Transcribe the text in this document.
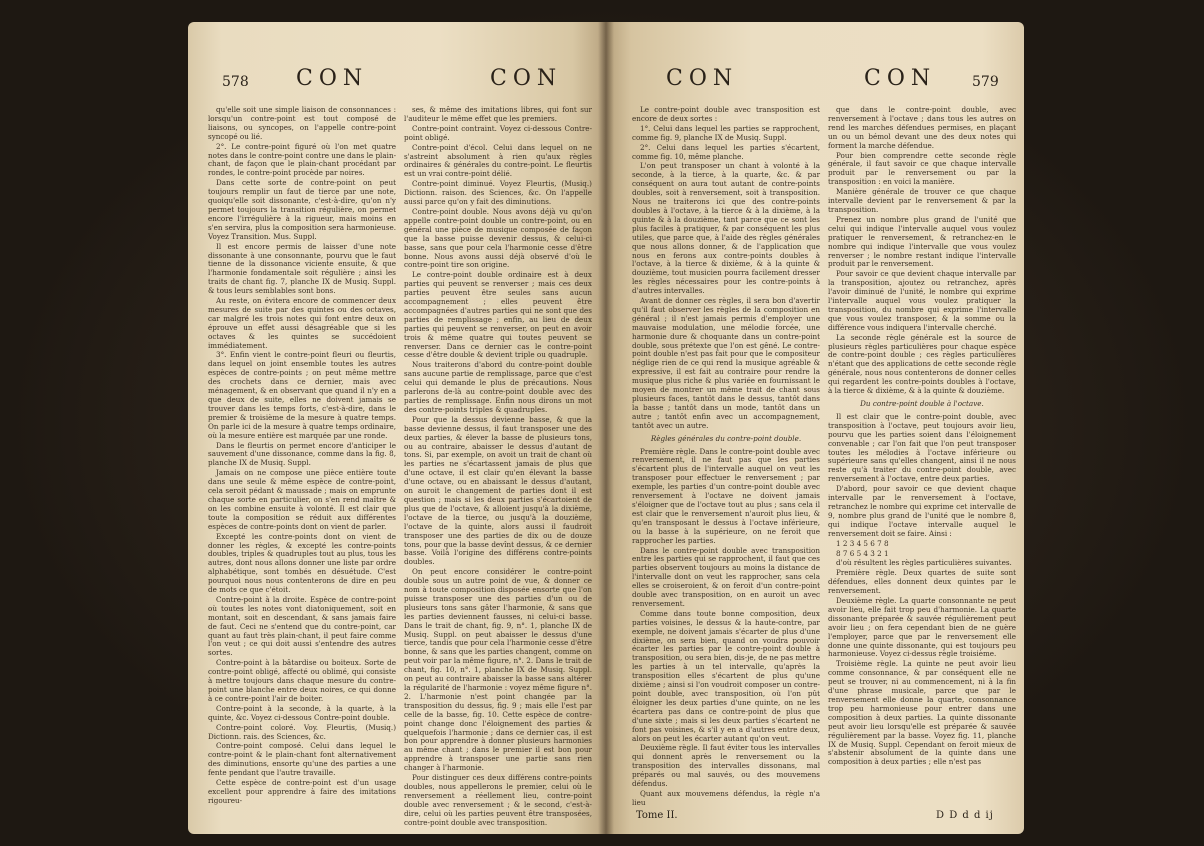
578 CON	CON

qu'elle soit une simple liaison de consonnances : lorsqu'un contre-point est tout composé de liaisons, ou syncopes, on l'appelle contre-point syncopé ou lié.

2°. Le contre-point figuré où l'on met quatre notes dans le contre-point contre une dans le plain-chant, de façon que le plain-chant procédant par rondes, le contre-point procède par noires.

Dans cette sorte de contre-point on peut toujours remplir un faut de tierce par une note, quoiqu'elle soit dissonante, c'est-à-dire, qu'on n'y permet toujours la transition régulière, on permet encore l'irrégulière à la rigueur, mais moins en s'en servira, plus la composition sera harmonieuse. Voyez Transition. Mus. Suppl.

Il est encore permis de laisser d'une note dissonante à une consonnante, pourvu que le faut tienne de la dissonance viciente ensuite, & que l'harmonie fondamentale soit régulière ; ainsi les traits de chant fig. 7, planche IX de Musiq. Suppl. & tous leurs semblables sont bons.

Au reste, on évitera encore de commencer deux mesures de suite par des quintes ou des octaves, car malgré les trois notes qui font entre deux on éprouve un effet aussi désagréable que si les octaves & les quintes se succédoient immédiatement.

3°. Enfin vient le contre-point fleuri ou fleurtis, dans lequel on joint ensemble toutes les autres espèces de contre-points ; on peut même mettre des crochets dans ce dernier, mais avec ménagement, & en observant que quand il n'y en a que deux de suite, elles ne doivent jamais se trouver dans les temps forts, c'est-à-dire, dans le premier & troisième de la mesure à quatre temps. On parle ici de la mesure à quatre temps ordinaire, où la mesure entière est marquée par une ronde.

Dans le fleurtis on permet encore d'anticiper le sauvement d'une dissonance, comme dans la fig. 8, planche IX de Musiq. Suppl.

Jamais on ne compose une pièce entière toute dans une seule & même espèce de contre-point, cela seroit pédant & maussade ; mais on emprunte chaque sorte en particulier, on s'en rend maître & on les combine ensuite à volonté. Il est clair que toute la composition se réduit aux différentes espèces de contre-points dont on vient de parler.

Excepté les contre-points dont on vient de donner les règles, & excepté les contre-points doubles, triples & quadruples tout au plus, tous les autres, dont nous allons donner une liste par ordre alphabétique, sont tombés en désuétude. C'est pourquoi nous nous contenterons de dire en peu de mots ce que c'étoit.

Contre-point à la droite. Espèce de contre-point où toutes les notes vont diatoniquement, soit en montant, soit en descendant, & sans jamais faire de faut. Ceci ne s'entend que du contre-point, car quant au faut très plain-chant, il peut faire comme l'on veut ; ce qui doit aussi s'entendre des autres sortes.

Contre-point à la bâtardise ou boiteux. Sorte de contre-point obligé, affecté ou oblimé, qui consiste à mettre toujours dans chaque mesure du contre-point une blanche entre deux noires, ce qui donne à ce contre-point l'air de boiter.

Contre-point à la seconde, à la quarte, à la quinte, &c. Voyez ci-dessous Contre-point double.

Contre-point coloré. Voy. Fleurtis, (Musiq.) Dictionn. rais. des Sciences, &c.

Contre-point composé. Celui dans lequel le contre-point & le plain-chant font alternativement des diminutions, ensorte qu'une des parties a une fente pendant que l'autre travaille.

Cette espèce de contre-point est d'un usage excellent pour apprendre à faire des imitations rigoureu-

ses, & même des imitations libres, qui font sur l'auditeur le même effet que les premiers.

Contre-point contraint. Voyez ci-dessous Contre-point obligé.

Contre-point d'écol. Celui dans lequel on ne s'astreint absolument à rien qu'aux règles ordinaires & générales du contre-point. Le fleurtis est un vrai contre-point délié.

Contre-point diminué. Voyez Fleurtis, (Musiq.) Dictionn. raison. des Sciences, &c. On l'appelle aussi parce qu'on y fait des diminutions.

Contre-point double. Nous avons déjà vu qu'on appelle contre-point double un contre-point, ou en général une pièce de musique composée de façon que la basse puisse devenir dessus, & celui-ci basse, sans que pour cela l'harmonie cesse d'être bonne. Nous avons aussi déjà observé d'où le contre-point tire son origine.

Le contre-point double ordinaire est à deux parties qui peuvent se renverser ; mais ces deux parties peuvent être seules sans aucun accompagnement ; elles peuvent être accompagnées d'autres parties qui ne sont que des parties de remplissage ; enfin, au lieu de deux parties qui peuvent se renverser, on peut en avoir trois & même quatre qui toutes peuvent se renverser. Dans ce dernier cas le contre-point cesse d'être double & devient triple ou quadruple.

Nous traiterons d'abord du contre-point double sans aucune partie de remplissage, parce que c'est celui qui demande le plus de précautions. Nous parlerons de-là au contre-point double avec des parties de remplissage. Enfin nous dirons un mot des contre-points triples & quadruples.

Pour que la dessus devienne basse, & que la basse devienne dessus, il faut transposer une des deux parties, & élever la basse de plusieurs tons, ou au contraire, abaisser le dessus d'autant de tons. Si, par exemple, on avoit un trait de chant où les parties ne s'écartassent jamais de plus que d'une octave, il est clair qu'en élevant la basse d'une octave, ou en abaissant le dessus d'autant, on auroit le changement de parties dont il est question ; mais si les deux parties s'écartoient de plus que de l'octave, & alloient jusqu'à la dixième, l'octave de la tierce, ou jusqu'à la douzième, l'octave de la quinte, alors aussi il faudroit transposer une des parties de dix ou de douze tons, pour que la basse devînt dessus, & ce dernier basse. Voilà l'origine des différens contre-points doubles.

On peut encore considérer le contre-point double sous un autre point de vue, & donner ce nom à toute composition disposée ensorte que l'on puisse transposer une des parties d'un ou de plusieurs tons sans gâter l'harmonie, & sans que les parties deviennent fausses, ni celui-ci basse. Dans le trait de chant, fig. 9, n°. 1, planche IX de Musiq. Suppl. on peut abaisser le dessus d'une tierce, tandis que pour cela l'harmonie cesse d'être bonne, & sans que les parties changent, comme on peut voir par la même figure, n°. 2. Dans le trait de chant, fig. 10, n°. 1, planche IX de Musiq. Suppl. on peut au contraire abaisser la basse sans altérer la régularité de l'harmonie : voyez même figure n°. 2. L'harmonie n'est point changée par la transposition du dessus, fig. 9 ; mais elle l'est par celle de la basse, fig. 10. Cette espèce de contre-point change donc l'éloignement des parties & quelquefois l'harmonie ; dans ce dernier cas, il est bon pour apprendre à donner plusieurs harmonies au même chant ; dans le premier il est bon pour apprendre à transposer une partie sans rien changer à l'harmonie.

Pour distinguer ces deux différens contre-points doubles, nous appellerons le premier, celui où le renversement a réellement lieu, contre-point double avec renversement ; & le second, c'est-à-dire, celui où les parties peuvent être transposées, contre-point double avec transposition.

CON	CON	579

Le contre-point double avec transposition est encore de deux sortes :

1°. Celui dans lequel les parties se rapprochent, comme fig. 9, planche IX de Musiq. Suppl.

2°. Celui dans lequel les parties s'écartent, comme fig. 10, même planche.

L'on peut transposer un chant à volonté à la seconde, à la tierce, à la quarte, &c. & par conséquent on aura tout autant de contre-points doubles, soit à renversement, soit à transposition. Nous ne traiterons ici que des contre-points doubles à l'octave, à la tierce & à la dixième, à la quinte & à la douzième, tant parce que ce sont les plus faciles à pratiquer, & par conséquent les plus utiles, que parce que, à l'aide des règles générales que nous allons donner, & de l'application que nous en ferons aux contre-points doubles à l'octave, à la tierce & dixième, & à la quinte & douzième, tout musicien pourra facilement dresser les règles nécessaires pour les contre-points à d'autres intervalles.

Avant de donner ces règles, il sera bon d'avertir qu'il faut observer les règles de la composition en général ; il n'est jamais permis d'employer une mauvaise modulation, une mélodie forcée, une harmonie dure & choquante dans un contre-point double, sous prétexte que l'on est gêné. Le contre-point double n'est pas fait pour que le compositeur néglige rien de ce qui rend la musique agréable & expressive, il est fait au contraire pour rendre la musique plus riche & plus variée en fournissant le moyen de montrer un même trait de chant sous plusieurs faces, tantôt dans le dessus, tantôt dans la basse ; tantôt dans un mode, tantôt dans un autre ; tantôt enfin avec un accompagnement, tantôt avec un autre.

Règles générales du contre-point double.

Première règle. Dans le contre-point double avec renversement, il ne faut pas que les parties s'écartent plus de l'intervalle auquel on veut les transposer pour effectuer le renversement ; par exemple, les parties d'un contre-point double avec renversement à l'octave ne doivent jamais s'éloigner que de l'octave tout au plus ; sans cela il est clair que le renversement n'auroit plus lieu, & qu'en transposant le dessus à l'octave inférieure, ou la basse à la supérieure, on ne feroit que rapprocher les parties.

Dans le contre-point double avec transposition entre les parties qui se rapprochent, il faut que ces parties observent toujours au moins la distance de l'intervalle dont on veut les rapprocher, sans cela elles se croiseroient, & on feroit d'un contre-point double avec transposition, on en auroit un avec renversement.

Comme dans toute bonne composition, deux parties voisines, le dessus & la haute-contre, par exemple, ne doivent jamais s'écarter de plus d'une dixième, on sera bien, quand on voudra pouvoir écarter les parties par le contre-point double à transposition, ou sera bien, dis-je, de ne pas mettre les parties à un tel intervalle, qu'après la transposition elles s'écartent de plus qu'une dixième ; ainsi si l'on voudroit composer un contre-point double, avec transposition, où l'on pût éloigner les deux parties d'une quinte, on ne les écartera pas dans ce contre-point de plus que d'une sixte ; mais si les deux parties s'écartent ne font pas voisines, & s'il y en a d'autres entre deux, alors on peut les écarter autant qu'on veut.

Deuxième règle. Il faut éviter tous les intervalles qui donnent après le renversement ou la transposition des intervalles dissonans, mal préparés ou mal sauvés, ou des mouvemens défendus.

Quant aux mouvemens défendus, la règle n'a lieu

que dans le contre-point double, avec renversement à l'octave ; dans tous les autres on rend les marches défendues permises, en plaçant un ou un bémol devant une des deux notes qui forment la marche défendue.

Pour bien comprendre cette seconde règle générale, il faut savoir ce que chaque intervalle produit par le renversement ou par la transposition : en voici la manière.

Manière générale de trouver ce que chaque intervalle devient par le renversement & par la transposition.

Prenez un nombre plus grand de l'unité que celui qui indique l'intervalle auquel vous voulez pratiquer le renversement, & retranchez-en le nombre qui indique l'intervalle que vous voulez renverser ; le nombre restant indique l'intervalle produit par le renversement.

Pour savoir ce que devient chaque intervalle par la transposition, ajoutez ou retranchez, après l'avoir diminué de l'unité, le nombre qui exprime l'intervalle auquel vous voulez pratiquer la transposition, du nombre qui exprime l'intervalle que vous voulez transposer, & la somme ou la différence vous indiquera l'intervalle cherché.

La seconde règle générale est la source de plusieurs règles particulières pour chaque espèce de contre-point double ; ces règles particulières n'étant que des applications de cette seconde règle générale, nous nous contenterons de donner celles qui regardent les contre-points doubles à l'octave, à la tierce & dixième, & à la quinte & douzième.

Du contre-point double à l'octave.

Il est clair que le contre-point double, avec transposition à l'octave, peut toujours avoir lieu, pourvu que les parties soient dans l'éloignement convenable ; car l'on fait que l'on peut transposer toutes les mélodies à l'octave inférieure ou supérieure sans qu'elles changent, ainsi il ne nous reste qu'à traiter du contre-point double, avec renversement à l'octave, entre deux parties.

D'abord, pour savoir ce que devient chaque intervalle par le renversement à l'octave, retranchez le nombre qui exprime cet intervalle de 9, nombre plus grand de l'unité que le nombre 8, qui indique l'octave intervalle auquel le renversement doit se faire. Ainsi :

1 2 3 4 5 6 7 8

8 7 6 5 4 3 2 1

d'où résultent les règles particulières suivantes.

Première règle. Deux quartes de suite sont défendues, elles donnent deux quintes par le renversement.

Deuxième règle. La quarte consonnante ne peut avoir lieu, elle fait trop peu d'harmonie. La quarte dissonante préparée & sauvée régulièrement peut avoir lieu ; on fera cependant bien de ne guère l'employer, parce que par le renversement elle donne une quinte dissonante, qui est toujours peu harmonieuse. Voyez ci-dessus règle troisième.

Troisième règle. La quinte ne peut avoir lieu comme consonnance, & par conséquent elle ne peut se trouver, ni au commencement, ni à la fin d'une phrase musicale, parce que par le renversement elle donne la quarte, consonnance trop peu harmonieuse pour entrer dans une composition à deux parties. La quinte dissonante peut avoir lieu lorsqu'elle est préparée & sauvée régulièrement par la basse. Voyez fig. 11, planche IX de Musiq. Suppl. Cependant on feroit mieux de s'abstenir absolument de la quinte dans une composition à deux parties ; elle n'est pas

Tome II.	D D d d ij
